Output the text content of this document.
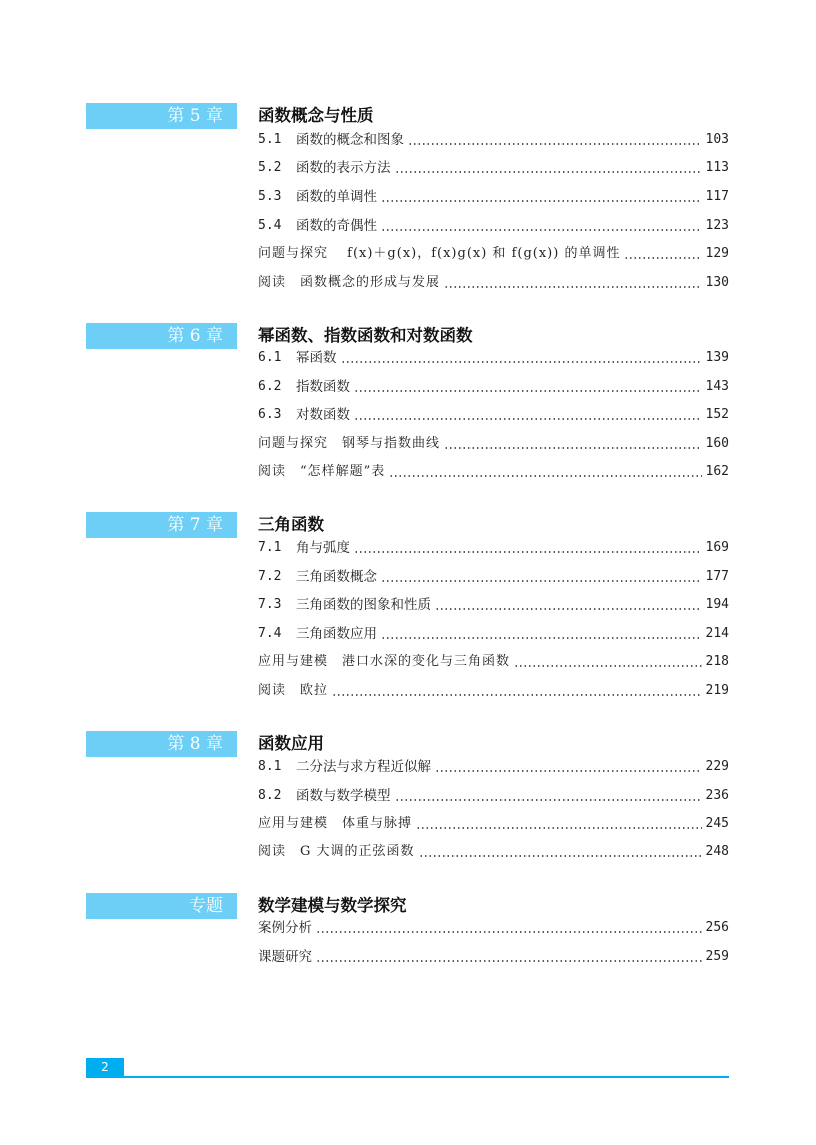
第 5 章	函数概念与性质
5.1	函数的概念和图象	103
5.2	函数的表示方法	113
5.3	函数的单调性	117
5.4	函数的奇偶性	123
问题与探究　 f(x)＋g(x)，f(x)g(x) 和 f(g(x)) 的单调性	129
阅读　函数概念的形成与发展	130
第 6 章	幂函数、指数函数和对数函数
6.1	幂函数	139
6.2	指数函数	143
6.3	对数函数	152
问题与探究　钢琴与指数曲线	160
阅读　“怎样解题”表	162
第 7 章	三角函数
7.1	角与弧度	169
7.2	三角函数概念	177
7.3	三角函数的图象和性质	194
7.4	三角函数应用	214
应用与建模　港口水深的变化与三角函数	218
阅读　欧拉	219
第 8 章	函数应用
8.1	二分法与求方程近似解	229
8.2	函数与数学模型	236
应用与建模　体重与脉搏	245
阅读　G 大调的正弦函数	248
专题	数学建模与数学探究
案例分析	256
课题研究	259
2
